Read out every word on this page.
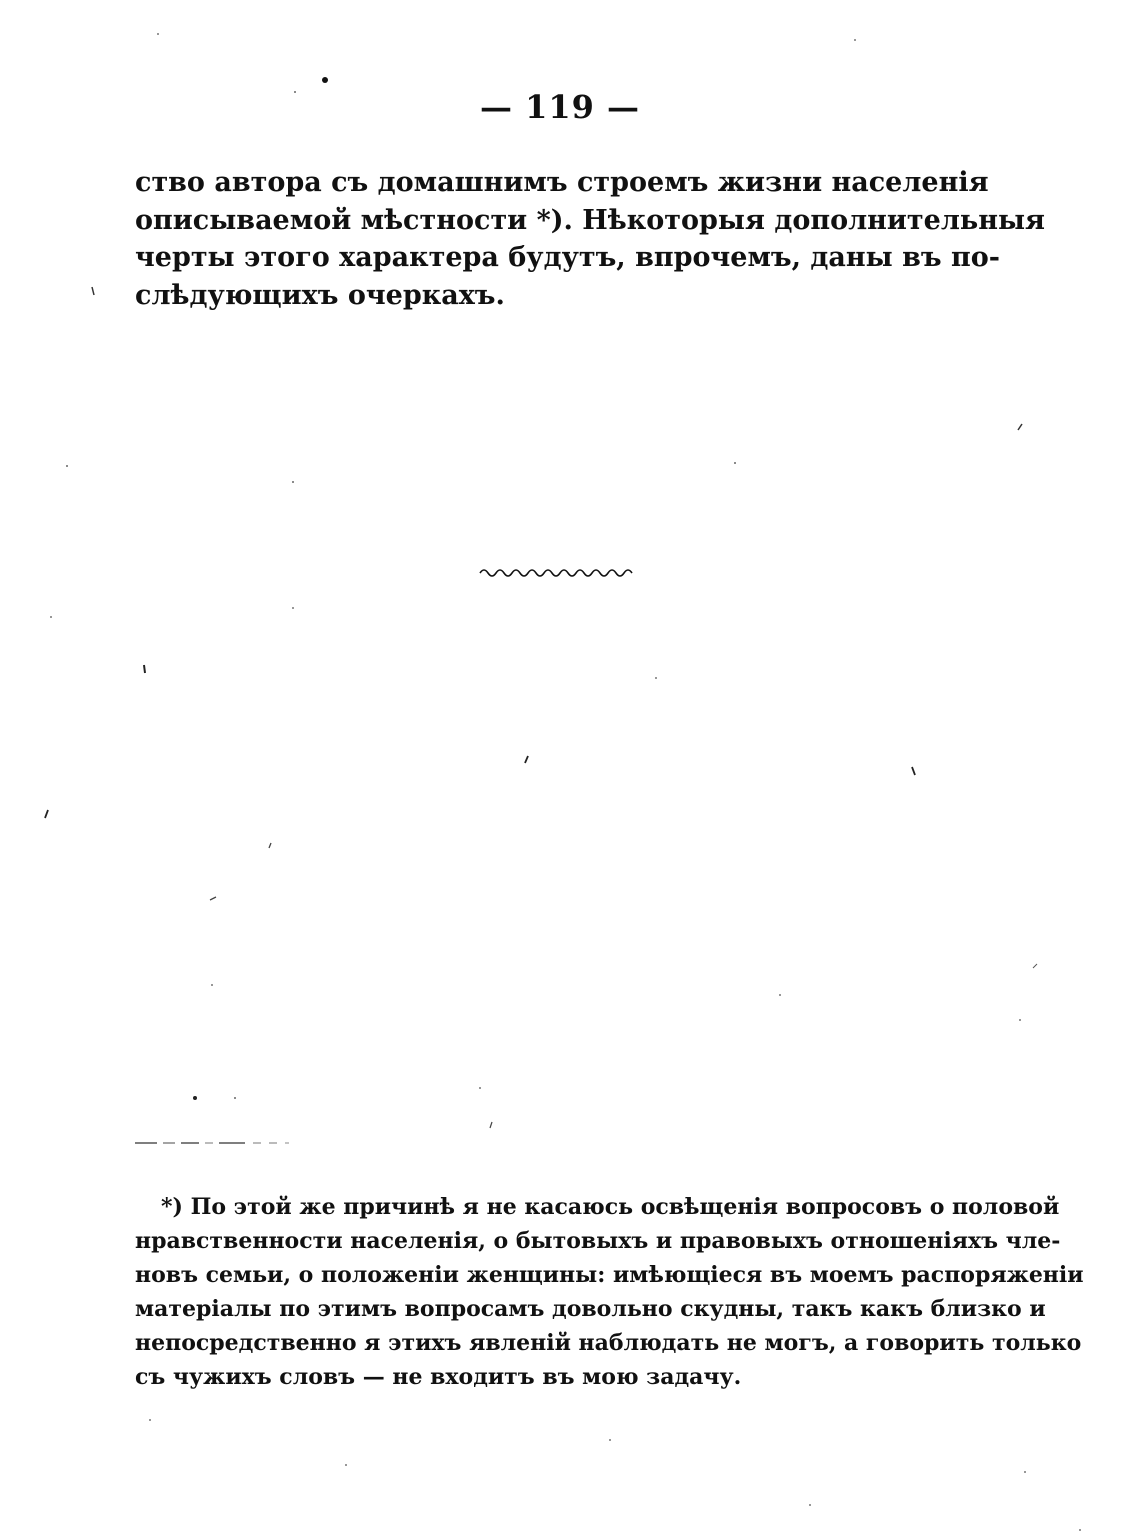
— 119 —
ство автора съ домашнимъ строемъ жизни населенія
описываемой мѣстности *). Нѣкоторыя дополнительныя
черты этого характера будутъ, впрочемъ, даны въ по-
слѣдующихъ очеркахъ.
*) По этой же причинѣ я не касаюсь освѣщенія вопросовъ о половой
нравственности населенія, о бытовыхъ и правовыхъ отношеніяхъ чле-
новъ семьи, о положеніи женщины: имѣющіеся въ моемъ распоряженіи
матеріалы по этимъ вопросамъ довольно скудны, такъ какъ близко и
непосредственно я этихъ явленій наблюдать не могъ, а говорить только
съ чужихъ словъ — не входитъ въ мою задачу.
